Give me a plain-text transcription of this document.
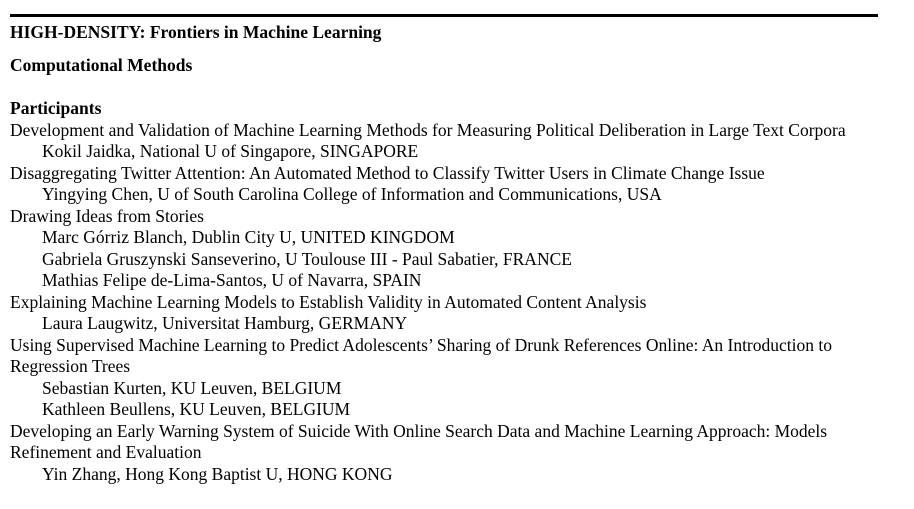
HIGH-DENSITY: Frontiers in Machine Learning
Computational Methods
Participants
Development and Validation of Machine Learning Methods for Measuring Political Deliberation in Large Text Corpora
Kokil Jaidka, National U of Singapore, SINGAPORE
Disaggregating Twitter Attention: An Automated Method to Classify Twitter Users in Climate Change Issue
Yingying Chen, U of South Carolina College of Information and Communications, USA
Drawing Ideas from Stories
Marc Górriz Blanch, Dublin City U, UNITED KINGDOM
Gabriela Gruszynski Sanseverino, U Toulouse III - Paul Sabatier, FRANCE
Mathias Felipe de-Lima-Santos, U of Navarra, SPAIN
Explaining Machine Learning Models to Establish Validity in Automated Content Analysis
Laura Laugwitz, Universitat Hamburg, GERMANY
Using Supervised Machine Learning to Predict Adolescents’ Sharing of Drunk References Online: An Introduction to Regression Trees
Sebastian Kurten, KU Leuven, BELGIUM
Kathleen Beullens, KU Leuven, BELGIUM
Developing an Early Warning System of Suicide With Online Search Data and Machine Learning Approach: Models Refinement and Evaluation
Yin Zhang, Hong Kong Baptist U, HONG KONG
